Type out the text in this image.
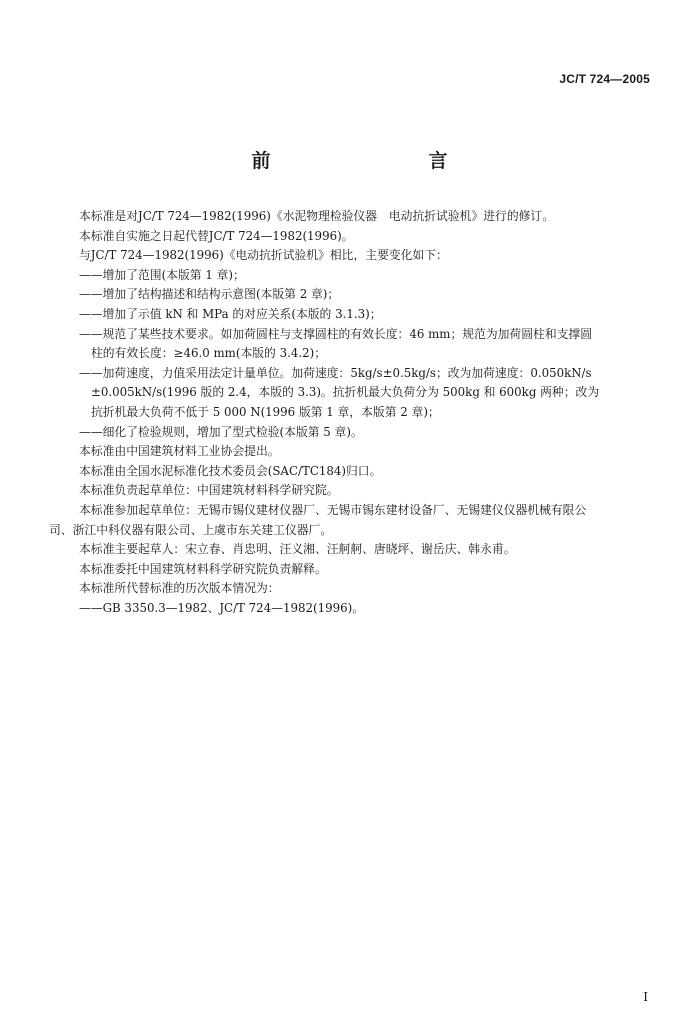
JC/T 724—2005
前　　言

本标准是对JC/T 724—1982(1996)《水泥物理检验仪器　电动抗折试验机》进行的修订。

本标准自实施之日起代替JC/T 724—1982(1996)。

与JC/T 724—1982(1996)《电动抗折试验机》相比，主要变化如下：

——增加了范围(本版第 1 章)；

——增加了结构描述和结构示意图(本版第 2 章)；

——增加了示值 kN 和 MPa 的对应关系(本版的 3.1.3)；

——规范了某些技术要求。如加荷圆柱与支撑圆柱的有效长度：46 mm；规范为加荷圆柱和支撑圆

柱的有效长度：≥46.0 mm(本版的 3.4.2)；

——加荷速度，力值采用法定计量单位。加荷速度：5kg/s±0.5kg/s；改为加荷速度：0.050kN/s

±0.005kN/s(1996 版的 2.4，本版的 3.3)。抗折机最大负荷分为 500kg 和 600kg 两种；改为

抗折机最大负荷不低于 5 000 N(1996 版第 1 章，本版第 2 章)；

——细化了检验规则，增加了型式检验(本版第 5 章)。

本标准由中国建筑材料工业协会提出。

本标准由全国水泥标准化技术委员会(SAC/TC184)归口。

本标准负责起草单位：中国建筑材料科学研究院。

本标准参加起草单位：无锡市锡仪建材仪器厂、无锡市锡东建材设备厂、无锡建仪仪器机械有限公

司、浙江中科仪器有限公司、上虞市东关建工仪器厂。

本标准主要起草人：宋立春、肖忠明、汪义湘、汪舸舸、唐晓坪、谢岳庆、韩永甫。

本标准委托中国建筑材料科学研究院负责解释。

本标准所代替标准的历次版本情况为：

——GB 3350.3—1982、JC/T 724—1982(1996)。

I
